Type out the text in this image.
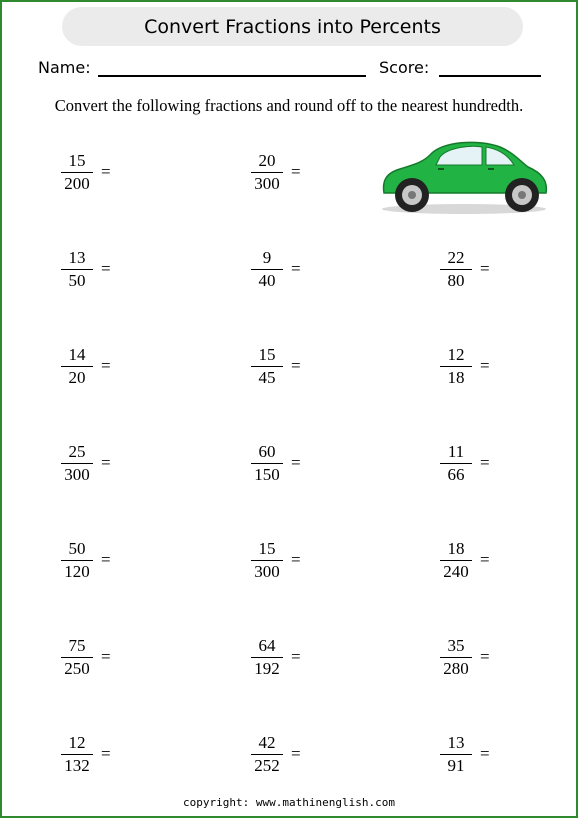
Convert Fractions into Percents
Name:	Score:
Convert the following fractions and round off to the nearest hundredth.
15
200
=
20
300
=
13
50
=
9
40
=
22
80
=
14
20
=
15
45
=
12
18
=
25
300
=
60
150
=
11
66
=
50
120
=
15
300
=
18
240
=
75
250
=
64
192
=
35
280
=
12
132
=
42
252
=
13
91
=
copyright: www.mathinenglish.com
